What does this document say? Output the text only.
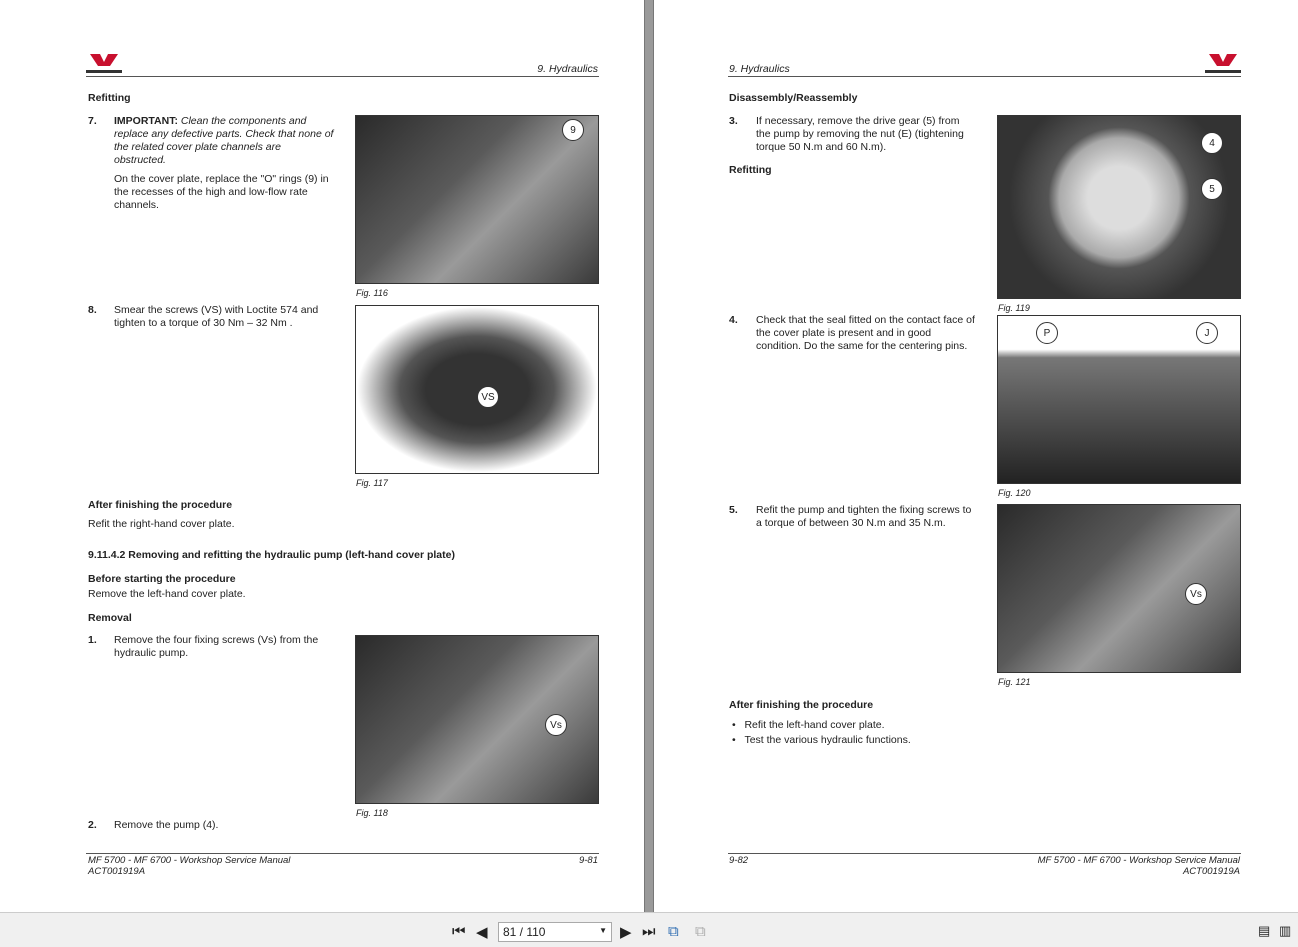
9. Hydraulics
Refitting
7. IMPORTANT: Clean the components and replace any defective parts. Check that none of the related cover plate channels are obstructed.
On the cover plate, replace the "O" rings (9) in the recesses of the high and low-flow rate channels.
9
Fig. 116
8. Smear the screws (VS) with Loctite 574 and tighten to a torque of 30 Nm – 32 Nm .
VS
Fig. 117
After finishing the procedure
Refit the right-hand cover plate.
9.11.4.2 Removing and refitting the hydraulic pump (left-hand cover plate)
Before starting the procedure
Remove the left-hand cover plate.
Removal
1. Remove the four fixing screws (Vs) from the hydraulic pump.
Vs
Fig. 118
2. Remove the pump (4).
MF 5700 - MF 6700 - Workshop Service Manual
ACT001919A
9-81
9. Hydraulics
Disassembly/Reassembly
3. If necessary, remove the drive gear (5) from the pump by removing the nut (E) (tightening torque 50 N.m and 60 N.m).
Refitting
4
5
Fig. 119
4. Check that the seal fitted on the contact face of the cover plate is present and in good condition. Do the same for the centering pins.
P	J
Fig. 120
5. Refit the pump and tighten the fixing screws to a torque of between 30 N.m and 35 N.m.
Vs
Fig. 121
After finishing the procedure
•   Refit the left-hand cover plate.
•   Test the various hydraulic functions.
9-82	MF 5700 - MF 6700 - Workshop Service Manual
ACT001919A
⏮ ◀	81 / 110	▼ ▶ ⏭ ⧉ ⧉	▤ ▥
